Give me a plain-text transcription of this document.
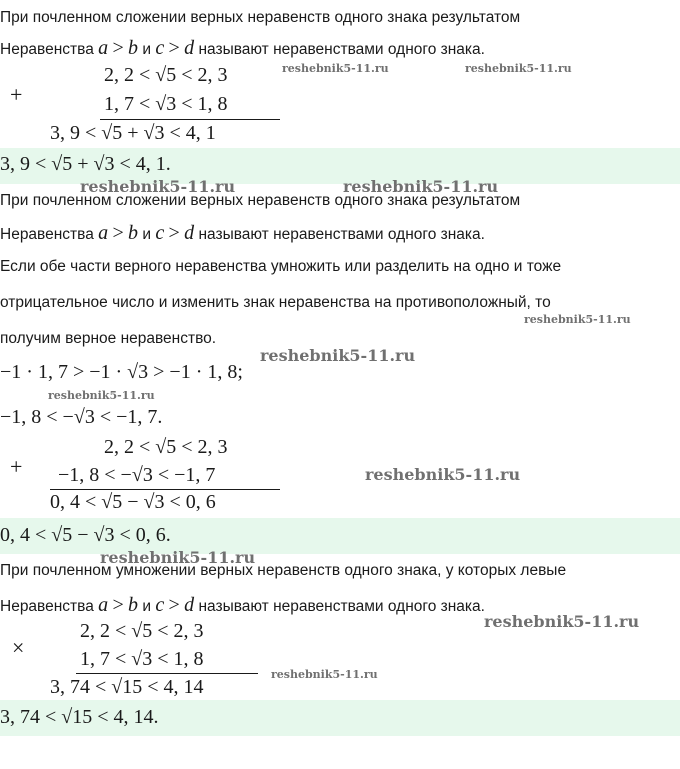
При почленном сложении верных неравенств одного знака результатом
Неравенства a > b и c > d называют неравенствами одного знака.
+
2, 2 < √5 < 2, 3
1, 7 < √3 < 1, 8
3, 9 < √5 + √3 < 4, 1
reshebnik5-11.ru	reshebnik5-11.ru
3, 9 < √5 + √3 < 4, 1.
reshebnik5-11.ru	reshebnik5-11.ru
При почленном сложении верных неравенств одного знака результатом
Неравенства a > b и c > d называют неравенствами одного знака.
Если обе части верного неравенства умножить или разделить на одно и тоже
отрицательное число и изменить знак неравенства на противоположный, то
reshebnik5-11.ru
получим верное неравенство.
reshebnik5-11.ru
−1 · 1, 7 > −1 · √3 > −1 · 1, 8;
reshebnik5-11.ru
−1, 8 < −√3 < −1, 7.
+
2, 2 < √5 < 2, 3
−1, 8 < −√3 < −1, 7
0, 4 < √5 − √3 < 0, 6
reshebnik5-11.ru
0, 4 < √5 − √3 < 0, 6.
reshebnik5-11.ru
При почленном умножении верных неравенств одного знака, у которых левые
Неравенства a > b и c > d называют неравенствами одного знака.
reshebnik5-11.ru
×
2, 2 < √5 < 2, 3
1, 7 < √3 < 1, 8
3, 74 < √15 < 4, 14
reshebnik5-11.ru
3, 74 < √15 < 4, 14.
